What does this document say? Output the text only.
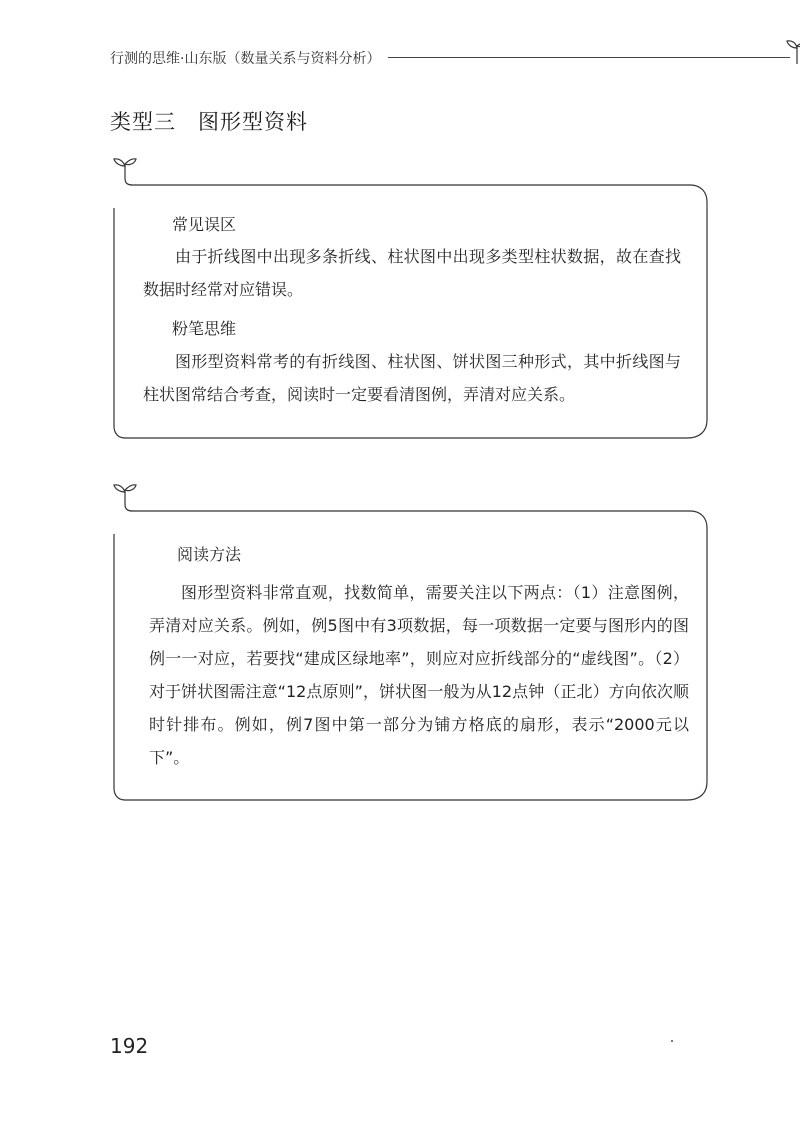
行测的思维·山东版（数量关系与资料分析）
类型三　图形型资料
常见误区
由于折线图中出现多条折线、柱状图中出现多类型柱状数据，故在查找数据时经常对应错误。
粉笔思维
图形型资料常考的有折线图、柱状图、饼状图三种形式，其中折线图与柱状图常结合考查，阅读时一定要看清图例，弄清对应关系。
阅读方法
图形型资料非常直观，找数简单，需要关注以下两点：（1）注意图例，弄清对应关系。例如，例5图中有3项数据，每一项数据一定要与图形内的图例一一对应，若要找“建成区绿地率”，则应对应折线部分的“虚线图”。（2）对于饼状图需注意“12点原则”，饼状图一般为从12点钟（正北）方向依次顺时针排布。例如，例7图中第一部分为铺方格底的扇形，表示“2000元以下”。
192
